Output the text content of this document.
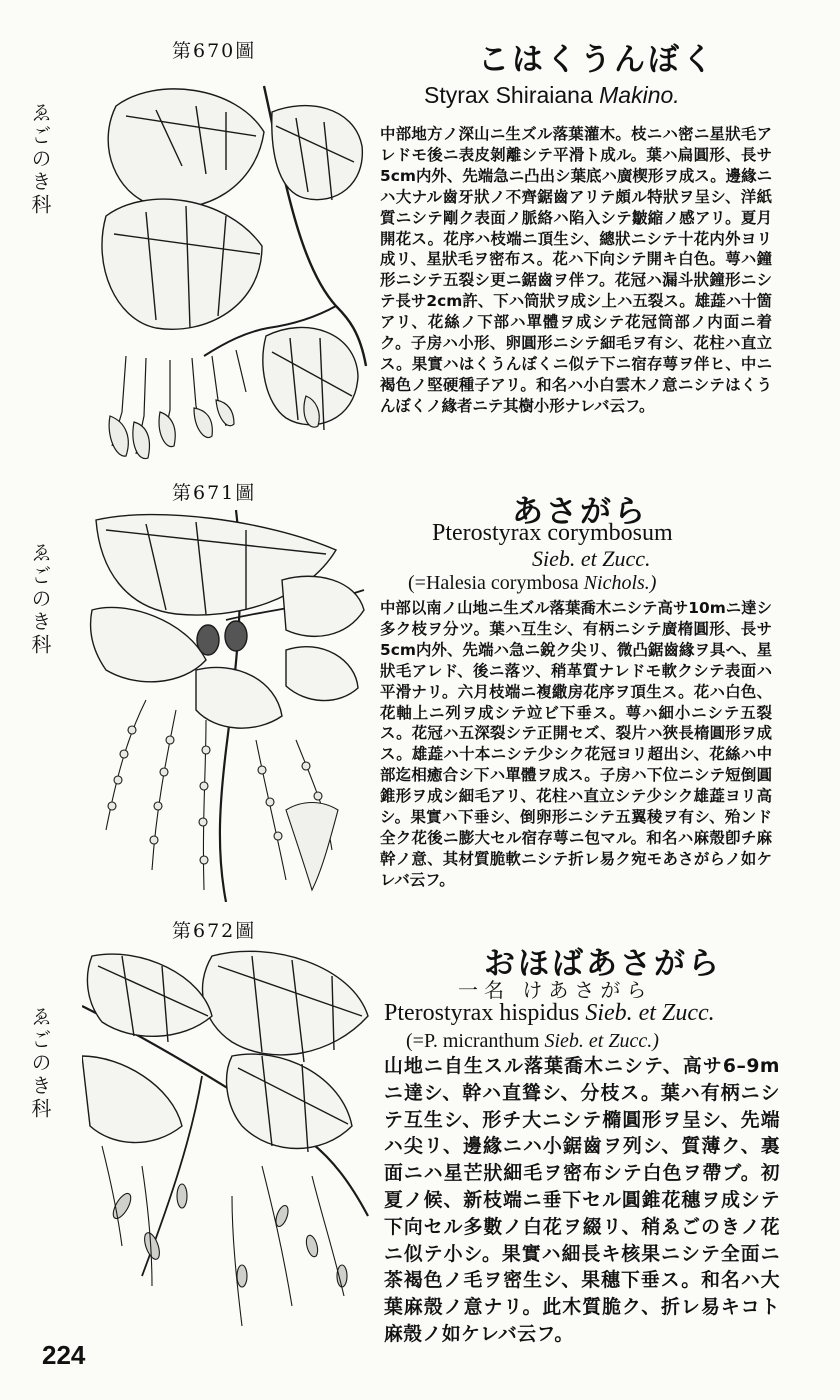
第670圖
ゑごのき科
こはくうんぼく
Styrax Shiraiana Makino.
中部地方ノ深山ニ生ズル落葉灌木。枝ニハ密ニ星狀毛アレドモ後ニ表皮剝離シテ平滑ト成ル。葉ハ扁圓形、長サ5cm内外、先端急ニ凸出シ葉底ハ廣楔形ヲ成ス。邊緣ニハ大ナル齒牙狀ノ不齊鋸齒アリテ頗ル特狀ヲ呈シ、洋紙質ニシテ剛ク表面ノ脈絡ハ陷入シテ皺縮ノ感アリ。夏月開花ス。花序ハ枝端ニ頂生シ、總狀ニシテ十花内外ヨリ成リ、星狀毛ヲ密布ス。花ハ下向シテ開キ白色。萼ハ鐘形ニシテ五裂シ更ニ鋸齒ヲ伴フ。花冠ハ漏斗狀鐘形ニシテ長サ2cm許、下ハ筒狀ヲ成シ上ハ五裂ス。雄蕋ハ十箇アリ、花絲ノ下部ハ單體ヲ成シテ花冠筒部ノ内面ニ着ク。子房ハ小形、卵圓形ニシテ細毛ヲ有シ、花柱ハ直立ス。果實ハはくうんぼくニ似テ下ニ宿存萼ヲ伴ヒ、中ニ褐色ノ堅硬種子アリ。和名ハ小白雲木ノ意ニシテはくうんぼくノ緣者ニテ其樹小形ナレバ云フ。
第671圖
ゑごのき科
あさがら
Pterostyrax corymbosum
Sieb. et Zucc.
(=Halesia corymbosa Nichols.)
中部以南ノ山地ニ生ズル落葉喬木ニシテ高サ10mニ達シ多ク枝ヲ分ツ。葉ハ互生シ、有柄ニシテ廣楕圓形、長サ5cm内外、先端ハ急ニ銳ク尖リ、微凸鋸齒緣ヲ具ヘ、星狀毛アレド、後ニ落ツ、稍革質ナレドモ軟クシテ表面ハ平滑ナリ。六月枝端ニ複繖房花序ヲ頂生ス。花ハ白色、花軸上ニ列ヲ成シテ竝ビ下垂ス。萼ハ細小ニシテ五裂ス。花冠ハ五深裂シテ正開セズ、裂片ハ狹長楕圓形ヲ成ス。雄蕋ハ十本ニシテ少シク花冠ヨリ超出シ、花絲ハ中部迄相癒合シ下ハ單體ヲ成ス。子房ハ下位ニシテ短倒圓錐形ヲ成シ細毛アリ、花柱ハ直立シテ少シク雄蕋ヨリ高シ。果實ハ下垂シ、倒卵形ニシテ五翼稜ヲ有シ、殆ンド全ク花後ニ膨大セル宿存萼ニ包マル。和名ハ麻殼卽チ麻幹ノ意、其材質脆軟ニシテ折レ易ク宛モあさがらノ如ケレバ云フ。
第672圖
ゑごのき科
おほばあさがら
一名 けあさがら
Pterostyrax hispidus Sieb. et Zucc.
(=P. micranthum Sieb. et Zucc.)
山地ニ自生スル落葉喬木ニシテ、高サ6–9m ニ達シ、幹ハ直聳シ、分枝ス。葉ハ有柄ニシテ互生シ、形チ大ニシテ橢圓形ヲ呈シ、先端ハ尖リ、邊緣ニハ小鋸齒ヲ列シ、質薄ク、裏面ニハ星芒狀細毛ヲ密布シテ白色ヲ帶ブ。初夏ノ候、新枝端ニ垂下セル圓錐花穗ヲ成シテ下向セル多數ノ白花ヲ綴リ、稍ゑごのきノ花ニ似テ小シ。果實ハ細長キ核果ニシテ全面ニ茶褐色ノ毛ヲ密生シ、果穗下垂ス。和名ハ大葉麻殼ノ意ナリ。此木質脆ク、折レ易キコト麻殼ノ如ケレバ云フ。
224
